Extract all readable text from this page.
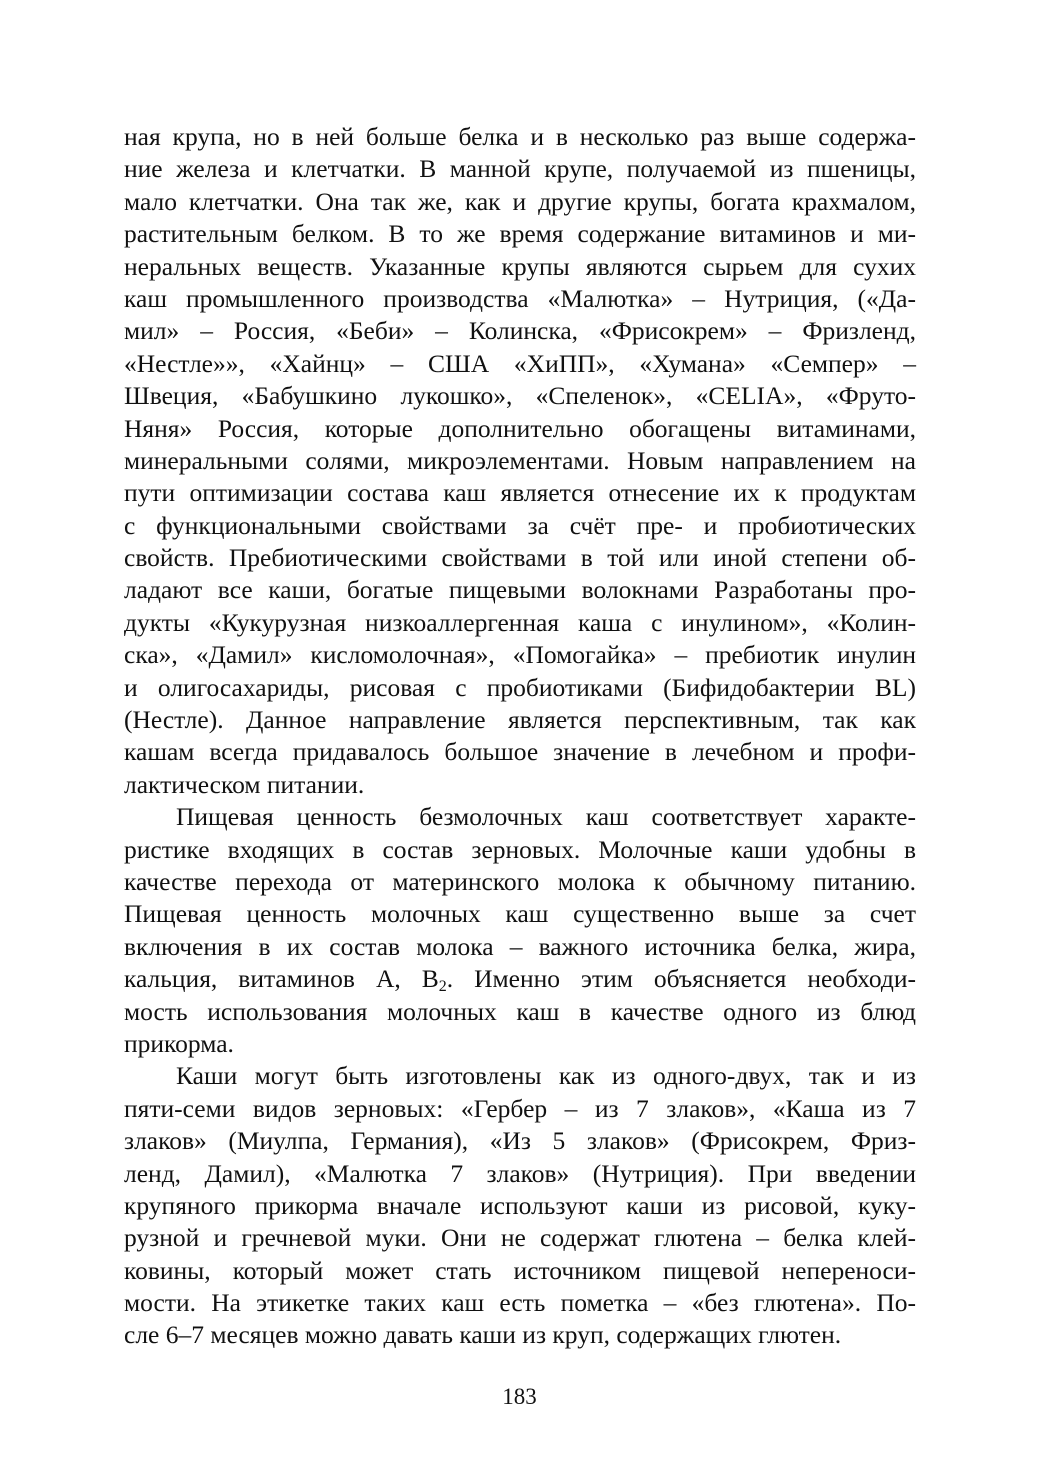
ная крупа, но в ней больше белка и в несколько раз выше содержа-
ние железа и клетчатки. В манной крупе, получаемой из пшеницы,
мало клетчатки. Она так же, как и другие крупы, богата крахмалом,
растительным белком. В то же время содержание витаминов и ми-
неральных веществ. Указанные крупы являются сырьем для сухих
каш промышленного производства «Малютка» – Нутриция, («Да-
мил» – Россия, «Беби» – Колинска, «Фрисокрем» – Фризленд,
«Нестле»», «Хайнц» – США «ХиПП», «Хумана» «Семпер» –
Швеция, «Бабушкино лукошко», «Спеленок», «CELIA», «Фруто-
Няня» Россия, которые дополнительно обогащены витаминами,
минеральными солями, микроэлементами. Новым направлением на
пути оптимизации состава каш является отнесение их к продуктам
с функциональными свойствами за счёт пре- и пробиотических
свойств. Пребиотическими свойствами в той или иной степени об-
ладают все каши, богатые пищевыми волокнами Разработаны про-
дукты «Кукурузная низкоаллергенная каша с инулином», «Колин-
ска», «Дамил» кисломолочная», «Помогайка» – пребиотик инулин
и олигосахариды, рисовая с пробиотиками (Бифидобактерии BL)
(Нестле). Данное направление является перспективным, так как
кашам всегда придавалось большое значение в лечебном и профи-
лактическом питании.
Пищевая ценность безмолочных каш соответствует характе-
ристике входящих в состав зерновых. Молочные каши удобны в
качестве перехода от материнского молока к обычному питанию.
Пищевая ценность молочных каш существенно выше за счет
включения в их состав молока – важного источника белка, жира,
кальция, витаминов А, $В_2$. Именно этим объясняется необходи-
мость использования молочных каш в качестве одного из блюд
прикорма.
Каши могут быть изготовлены как из одного-двух, так и из
пяти-семи видов зерновых: «Гербер – из 7 злаков», «Каша из 7
злаков» (Миулпа, Германия), «Из 5 злаков» (Фрисокрем, Фриз-
ленд, Дамил), «Малютка 7 злаков» (Нутриция). При введении
крупяного прикорма вначале используют каши из рисовой, куку-
рузной и гречневой муки. Они не содержат глютена – белка клей-
ковины, который может стать источником пищевой непереноси-
мости. На этикетке таких каш есть пометка – «без глютена». По-
сле 6–7 месяцев можно давать каши из круп, содержащих глютен.
183
